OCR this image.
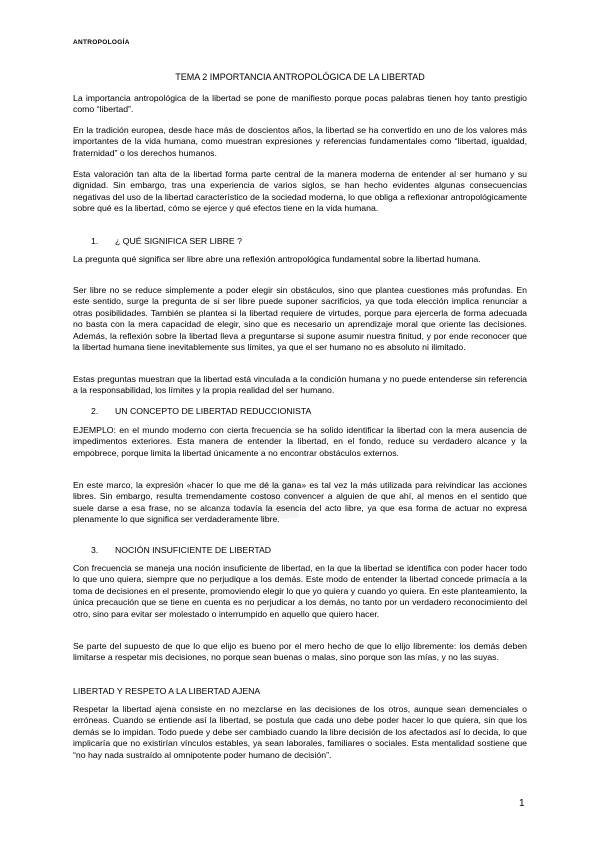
ANTROPOLOGÍA
TEMA 2 IMPORTANCIA ANTROPOLÓGICA DE LA LIBERTAD

La importancia antropológica de la libertad se pone de manifiesto porque pocas palabras tienen hoy tanto prestigio como “libertad”.

En la tradición europea, desde hace más de doscientos años, la libertad se ha convertido en uno de los valores más importantes de la vida humana, como muestran expresiones y referencias fundamentales como “libertad, igualdad, fraternidad” o los derechos humanos.

Esta valoración tan alta de la libertad forma parte central de la manera moderna de entender al ser humano y su dignidad. Sin embargo, tras una experiencia de varios siglos, se han hecho evidentes algunas consecuencias negativas del uso de la libertad característico de la sociedad moderna, lo que obliga a reflexionar antropológicamente sobre qué es la libertad, cómo se ejerce y qué efectos tiene en la vida humana.

1. ¿ QUÉ SIGNIFICA SER LIBRE ?

La pregunta qué significa ser libre abre una reflexión antropológica fundamental sobre la libertad humana.

Ser libre no se reduce simplemente a poder elegir sin obstáculos, sino que plantea cuestiones más profundas. En este sentido, surge la pregunta de si ser libre puede suponer sacrificios, ya que toda elección implica renunciar a otras posibilidades. También se plantea si la libertad requiere de virtudes, porque para ejercerla de forma adecuada no basta con la mera capacidad de elegir, sino que es necesario un aprendizaje moral que oriente las decisiones. Además, la reflexión sobre la libertad lleva a preguntarse si supone asumir nuestra finitud, y por ende reconocer que la libertad humana tiene inevitablemente sus límites, ya que el ser humano no es absoluto ni ilimitado.

Estas preguntas muestran que la libertad está vinculada a la condición humana y no puede entenderse sin referencia a la responsabilidad, los límites y la propia realidad del ser humano.

2. UN CONCEPTO DE LIBERTAD REDUCCIONISTA

EJEMPLO: en el mundo moderno con cierta frecuencia se ha solido identificar la libertad con la mera ausencia de impedimentos exteriores. Esta manera de entender la libertad, en el fondo, reduce su verdadero alcance y la empobrece, porque limita la libertad únicamente a no encontrar obstáculos externos.

En este marco, la expresión «hacer lo que me dé la gana» es tal vez la más utilizada para reivindicar las acciones libres. Sin embargo, resulta tremendamente costoso convencer a alguien de que ahí, al menos en el sentido que suele darse a esa frase, no se alcanza todavía la esencia del acto libre, ya que esa forma de actuar no expresa plenamente lo que significa ser verdaderamente libre.

3. NOCIÓN INSUFICIENTE DE LIBERTAD

Con frecuencia se maneja una noción insuficiente de libertad, en la que la libertad se identifica con poder hacer todo lo que uno quiera, siempre que no perjudique a los demás. Este modo de entender la libertad concede primacía a la toma de decisiones en el presente, promoviendo elegir lo que yo quiera y cuando yo quiera. En este planteamiento, la única precaución que se tiene en cuenta es no perjudicar a los demás, no tanto por un verdadero reconocimiento del otro, sino para evitar ser molestado o interrumpido en aquello que quiero hacer.

Se parte del supuesto de que lo que elijo es bueno por el mero hecho de que lo elijo libremente: los demás deben limitarse a respetar mis decisiones, no porque sean buenas o malas, sino porque son las mías, y no las suyas.

LIBERTAD Y RESPETO A LA LIBERTAD AJENA

Respetar la libertad ajena consiste en no mezclarse en las decisiones de los otros, aunque sean demenciales o erróneas. Cuando se entiende así la libertad, se postula que cada uno debe poder hacer lo que quiera, sin que los demás se lo impidan. Todo puede y debe ser cambiado cuando la libre decisión de los afectados así lo decida, lo que implicaría que no existirían vínculos estables, ya sean laborales, familiares o sociales. Esta mentalidad sostiene que “no hay nada sustraído al omnipotente poder humano de decisión”.

1
